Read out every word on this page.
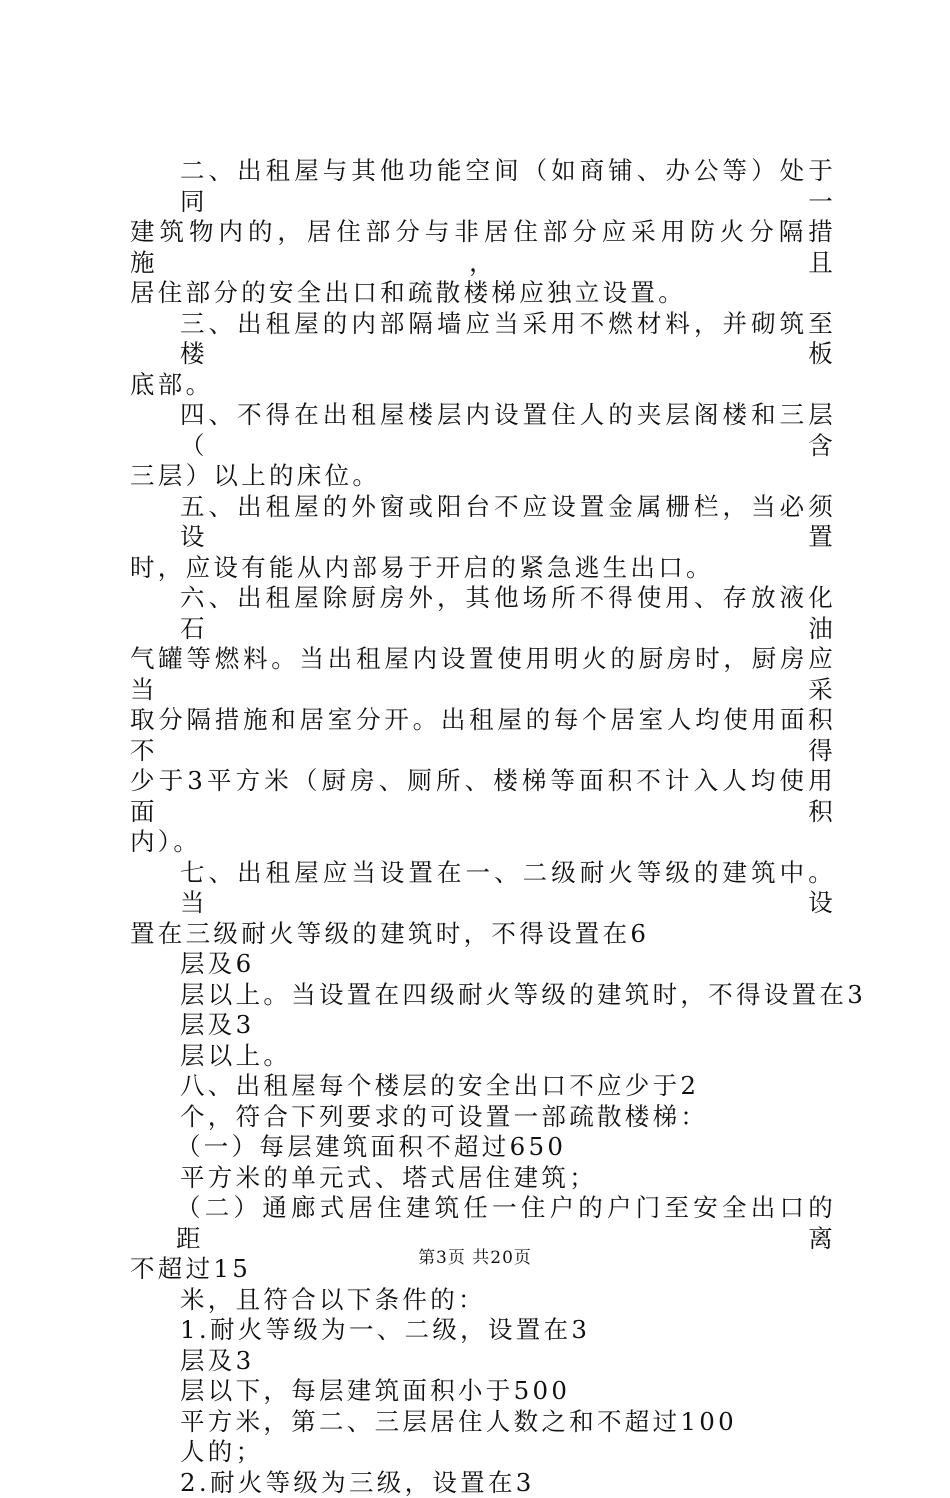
二、出租屋与其他功能空间（如商铺、办公等）处于同一
建筑物内的，居住部分与非居住部分应采用防火分隔措施，且
居住部分的安全出口和疏散楼梯应独立设置。
三、出租屋的内部隔墙应当采用不燃材料，并砌筑至楼板
底部。
四、不得在出租屋楼层内设置住人的夹层阁楼和三层（含
三层）以上的床位。
五、出租屋的外窗或阳台不应设置金属栅栏，当必须设置
时，应设有能从内部易于开启的紧急逃生出口。
六、出租屋除厨房外，其他场所不得使用、存放液化石油
气罐等燃料。当出租屋内设置使用明火的厨房时，厨房应当采
取分隔措施和居室分开。出租屋的每个居室人均使用面积不得
少于3平方米（厨房、厕所、楼梯等面积不计入人均使用面积
内）。
七、出租屋应当设置在一、二级耐火等级的建筑中。当设
置在三级耐火等级的建筑时，不得设置在6
层及6
层以上。当设置在四级耐火等级的建筑时，不得设置在3
层及3
层以上。
八、出租屋每个楼层的安全出口不应少于2
个，符合下列要求的可设置一部疏散楼梯：
（一）每层建筑面积不超过650
平方米的单元式、塔式居住建筑；
（二）通廊式居住建筑任一住户的户门至安全出口的距离
不超过15
米，且符合以下条件的：
1.耐火等级为一、二级，设置在3
层及3
层以下，每层建筑面积小于500
平方米，第二、三层居住人数之和不超过100
人的；
2.耐火等级为三级，设置在3
第3页 共20页
